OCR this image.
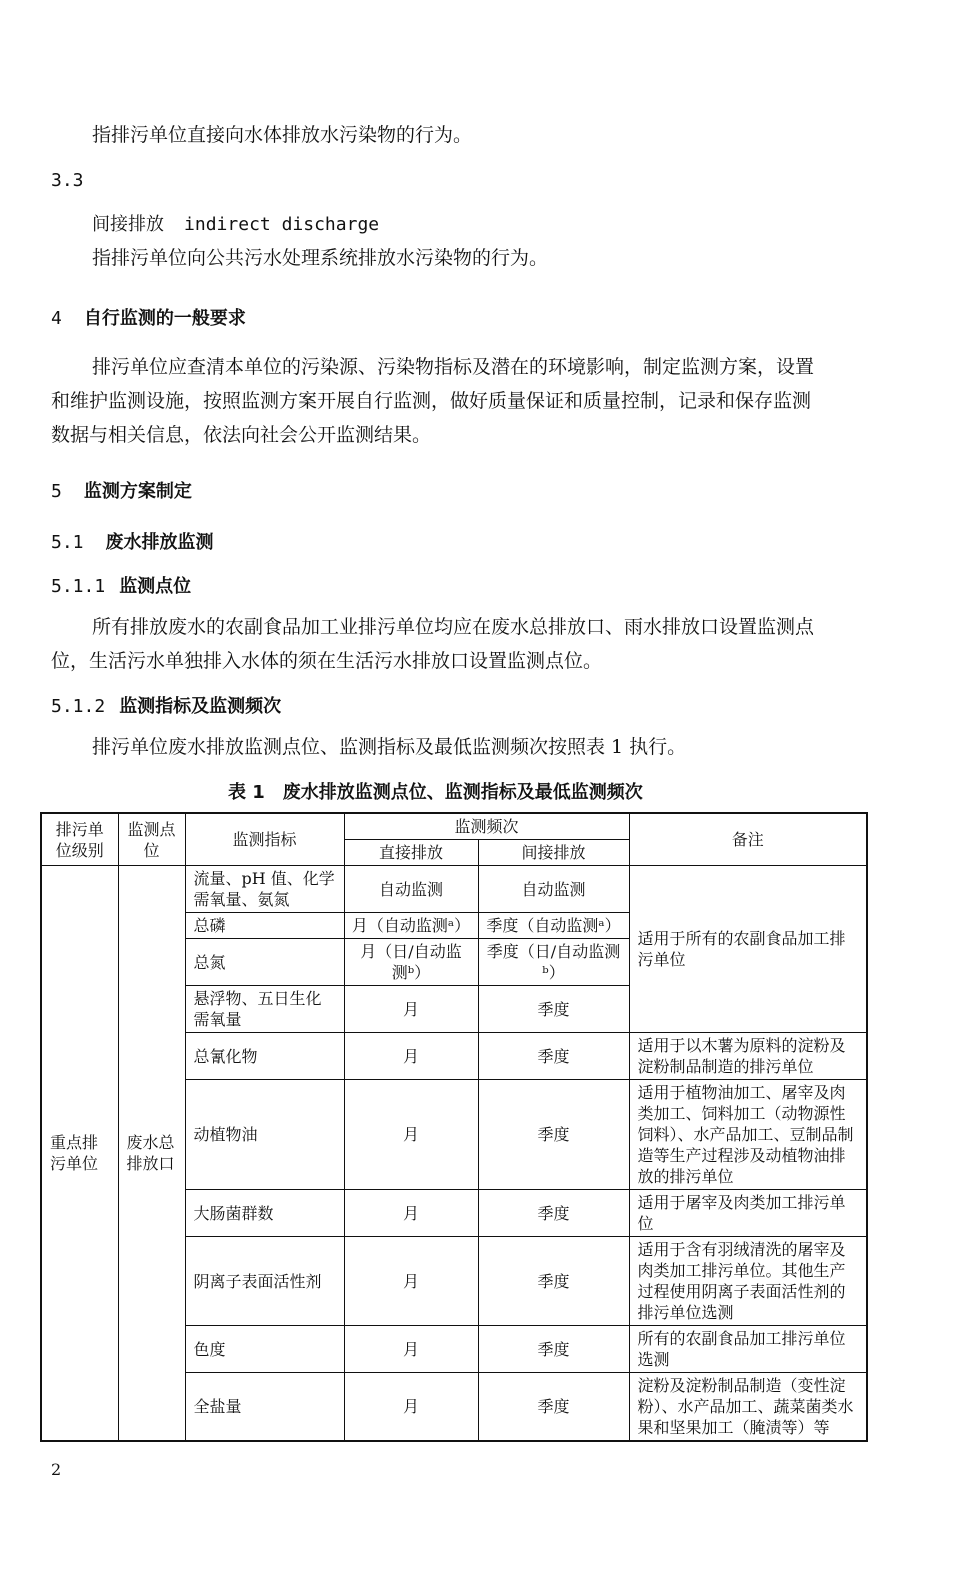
指排污单位直接向水体排放水污染物的行为。
3.3
间接排放 indirect discharge
指排污单位向公共污水处理系统排放水污染物的行为。
4 自行监测的一般要求
排污单位应查清本单位的污染源、污染物指标及潜在的环境影响，制定监测方案，设置
和维护监测设施，按照监测方案开展自行监测，做好质量保证和质量控制，记录和保存监测
数据与相关信息，依法向社会公开监测结果。
5 监测方案制定
5.1 废水排放监测
5.1.1 监测点位
所有排放废水的农副食品加工业排污单位均应在废水总排放口、雨水排放口设置监测点
位，生活污水单独排入水体的须在生活污水排放口设置监测点位。
5.1.2 监测指标及监测频次
排污单位废水排放监测点位、监测指标及最低监测频次按照表 1 执行。
表 1　废水排放监测点位、监测指标及最低监测频次
排污单位级别	监测点位	监测指标	监测频次		备注
			直接排放	间接排放	
重点排污单位	废水总排放口	流量、pH 值、化学需氧量、氨氮	自动监测	自动监测	适用于所有的农副食品加工排污单位
		总磷	月（自动监测ᵃ）	季度（自动监测ᵃ）	
		总氮	月（日/自动监测ᵇ）	季度（日/自动监测ᵇ）	
		悬浮物、五日生化需氧量	月	季度	
		总氰化物	月	季度	适用于以木薯为原料的淀粉及淀粉制品制造的排污单位
		动植物油	月	季度	适用于植物油加工、屠宰及肉类加工、饲料加工（动物源性饲料）、水产品加工、豆制品制造等生产过程涉及动植物油排放的排污单位
		大肠菌群数	月	季度	适用于屠宰及肉类加工排污单位
		阴离子表面活性剂	月	季度	适用于含有羽绒清洗的屠宰及肉类加工排污单位。其他生产过程使用阴离子表面活性剂的排污单位选测
		色度	月	季度	所有的农副食品加工排污单位选测
		全盐量	月	季度	淀粉及淀粉制品制造（变性淀粉）、水产品加工、蔬菜菌类水果和坚果加工（腌渍等）等
2
